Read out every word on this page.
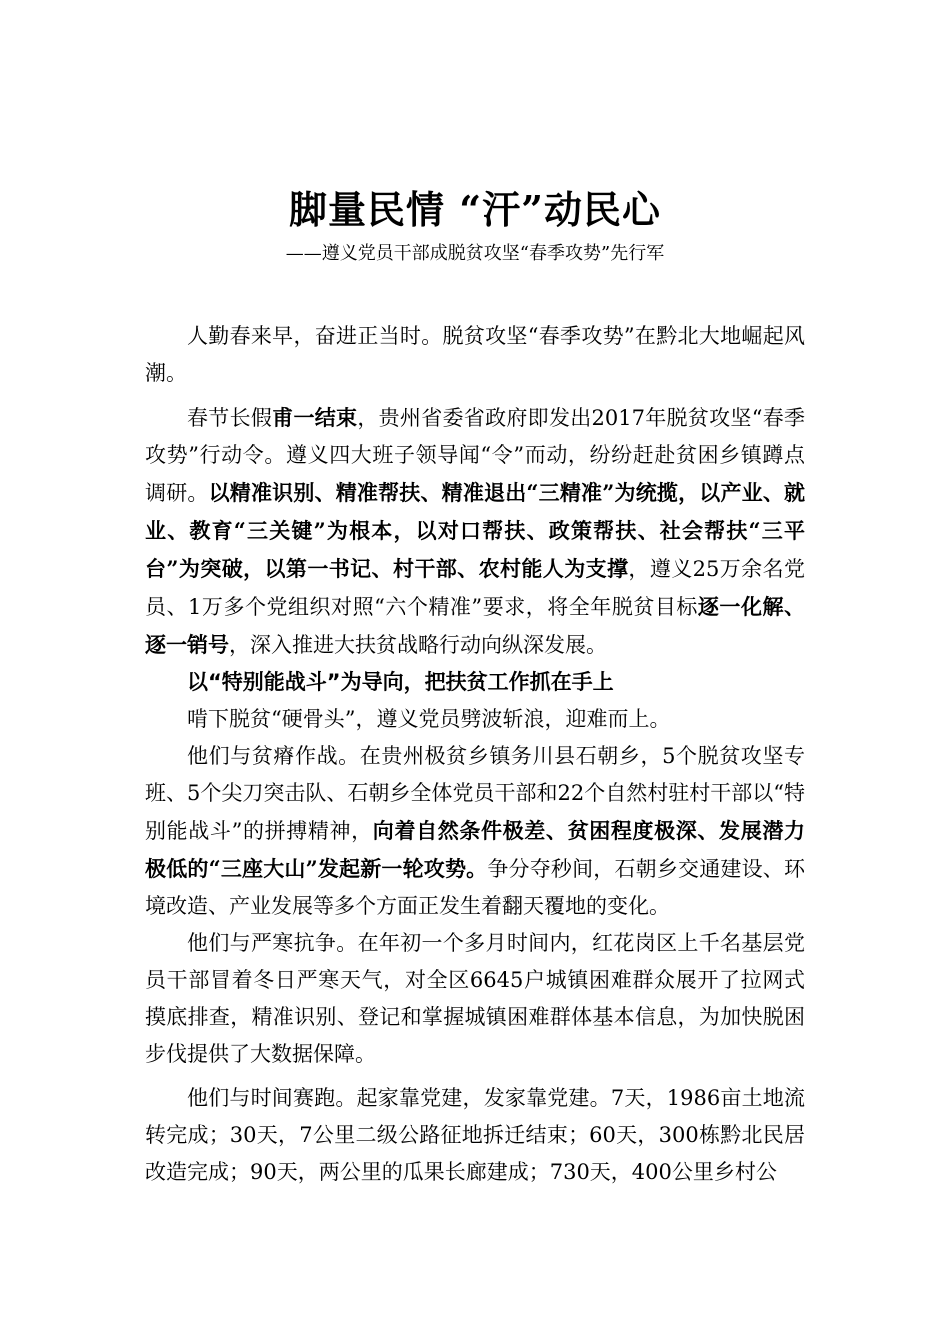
脚量民情 “汗”动民心
——遵义党员干部成脱贫攻坚“春季攻势”先行军

人勤春来早，奋进正当时。脱贫攻坚“春季攻势”在黔北大地崛起风潮。

春节长假甫一结束，贵州省委省政府即发出2017年脱贫攻坚“春季攻势”行动令。遵义四大班子领导闻“令”而动，纷纷赶赴贫困乡镇蹲点调研。以精准识别、精准帮扶、精准退出“三精准”为统揽，以产业、就业、教育“三关键”为根本，以对口帮扶、政策帮扶、社会帮扶“三平台”为突破，以第一书记、村干部、农村能人为支撑，遵义25万余名党员、1万多个党组织对照“六个精准”要求，将全年脱贫目标逐一化解、逐一销号，深入推进大扶贫战略行动向纵深发展。

以“特别能战斗”为导向，把扶贫工作抓在手上

啃下脱贫“硬骨头”，遵义党员劈波斩浪，迎难而上。

他们与贫瘠作战。在贵州极贫乡镇务川县石朝乡，5个脱贫攻坚专班、5个尖刀突击队、石朝乡全体党员干部和22个自然村驻村干部以“特别能战斗”的拼搏精神，向着自然条件极差、贫困程度极深、发展潜力极低的“三座大山”发起新一轮攻势。争分夺秒间，石朝乡交通建设、环境改造、产业发展等多个方面正发生着翻天覆地的变化。

他们与严寒抗争。在年初一个多月时间内，红花岗区上千名基层党员干部冒着冬日严寒天气，对全区6645户城镇困难群众展开了拉网式摸底排查，精准识别、登记和掌握城镇困难群体基本信息，为加快脱困步伐提供了大数据保障。

他们与时间赛跑。起家靠党建，发家靠党建。7天，1986亩土地流转完成；30天，7公里二级公路征地拆迁结束；60天，300栋黔北民居改造完成；90天，两公里的瓜果长廊建成；730天，400公里乡村公
